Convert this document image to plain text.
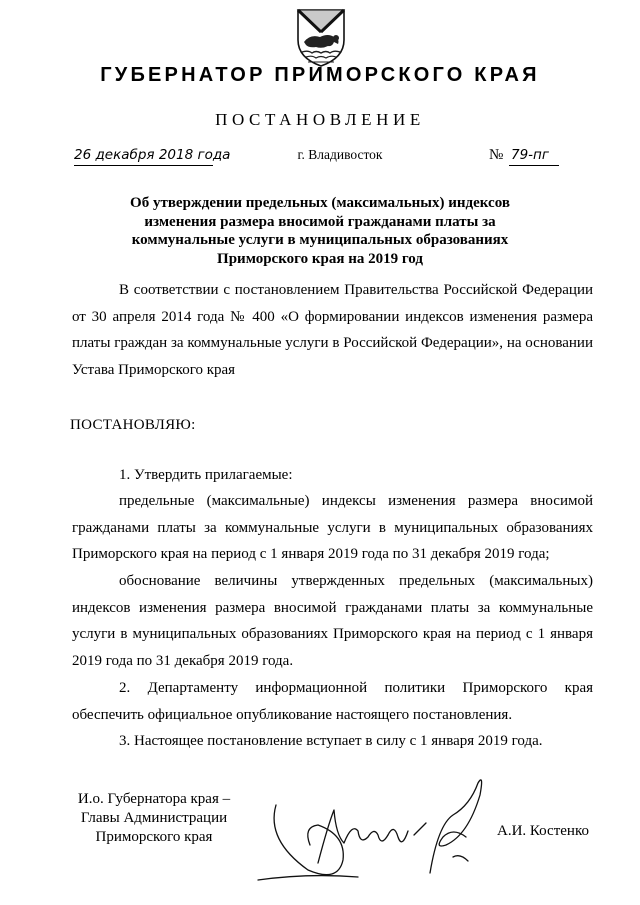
ГУБЕРНАТОР ПРИМОРСКОГО КРАЯ
ПОСТАНОВЛЕНИЕ
26 декабря 2018 года	г. Владивосток	№ 79-пг
Об утверждении предельных (максимальных) индексов изменения размера вносимой гражданами платы за коммунальные услуги в муниципальных образованиях Приморского края на 2019 год
В соответствии с постановлением Правительства Российской Федерации от 30 апреля 2014 года № 400 «О формировании индексов изменения размера платы граждан за коммунальные услуги в Российской Федерации», на основании Устава Приморского края
ПОСТАНОВЛЯЮ:
1. Утвердить прилагаемые:
предельные (максимальные) индексы изменения размера вносимой гражданами платы за коммунальные услуги в муниципальных образованиях Приморского края на период с 1 января 2019 года по 31 декабря 2019 года;
обоснование величины утвержденных предельных (максимальных) индексов изменения размера вносимой гражданами платы за коммунальные услуги в муниципальных образованиях Приморского края на период с 1 января 2019 года по 31 декабря 2019 года.
2. Департаменту информационной политики Приморского края обеспечить официальное опубликование настоящего постановления.
3. Настоящее постановление вступает в силу с 1 января 2019 года.
И.о. Губернатора края –
Главы Администрации
Приморского края	А.И. Костенко
